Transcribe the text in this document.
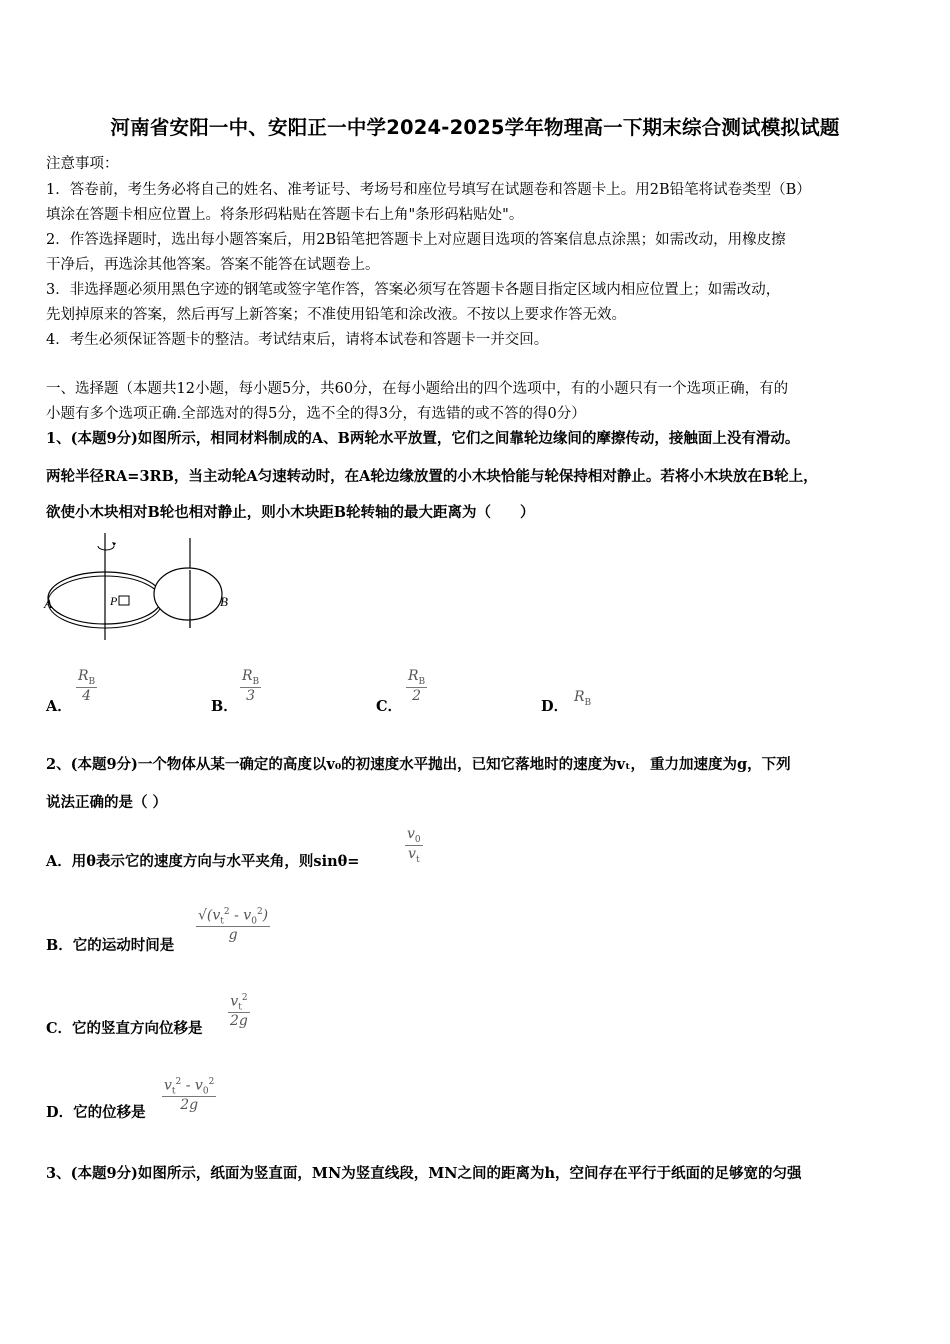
河南省安阳一中、安阳正一中学2024-2025学年物理高一下期末综合测试模拟试题
注意事项：
1．答卷前，考生务必将自己的姓名、准考证号、考场号和座位号填写在试题卷和答题卡上。用2B铅笔将试卷类型（B）
填涂在答题卡相应位置上。将条形码粘贴在答题卡右上角"条形码粘贴处"。
2．作答选择题时，选出每小题答案后，用2B铅笔把答题卡上对应题目选项的答案信息点涂黑；如需改动，用橡皮擦
干净后，再选涂其他答案。答案不能答在试题卷上。
3．非选择题必须用黑色字迹的钢笔或签字笔作答，答案必须写在答题卡各题目指定区域内相应位置上；如需改动，
先划掉原来的答案，然后再写上新答案；不准使用铅笔和涂改液。不按以上要求作答无效。
4．考生必须保证答题卡的整洁。考试结束后，请将本试卷和答题卡一并交回。
一、选择题（本题共12小题，每小题5分，共60分，在每小题给出的四个选项中，有的小题只有一个选项正确，有的
小题有多个选项正确.全部选对的得5分，选不全的得3分，有选错的或不答的得0分）
1、(本题9分)如图所示，相同材料制成的A、B两轮水平放置，它们之间靠轮边缘间的摩擦传动，接触面上没有滑动。
两轮半径RA=3RB，当主动轮A匀速转动时，在A轮边缘放置的小木块恰能与轮保持相对静止。若将小木块放在B轮上，
欲使小木块相对B轮也相对静止，则小木块距B轮转轴的最大距离为（　　）
A	B
P
A．
$\frac{R_B}{4}$
B．
$\frac{R_B}{3}$
C．
$\frac{R_B}{2}$
D．
$R_B$
2、(本题9分)一个物体从某一确定的高度以v₀的初速度水平抛出，已知它落地时的速度为vₜ， 重力加速度为g，下列
说法正确的是（ ）
A．用θ表示它的速度方向与水平夹角，则sinθ=	$\frac{v_0}{v_t}$
B．它的运动时间是
$\frac{√(v_t^2 - v_0^2)}{g}$
C．它的竖直方向位移是 $\frac{v_t^2}{2g}$
D．它的位移是 $\frac{v_t^2 - v_0^2}{2g}$
3、(本题9分)如图所示，纸面为竖直面，MN为竖直线段，MN之间的距离为h，空间存在平行于纸面的足够宽的匀强
